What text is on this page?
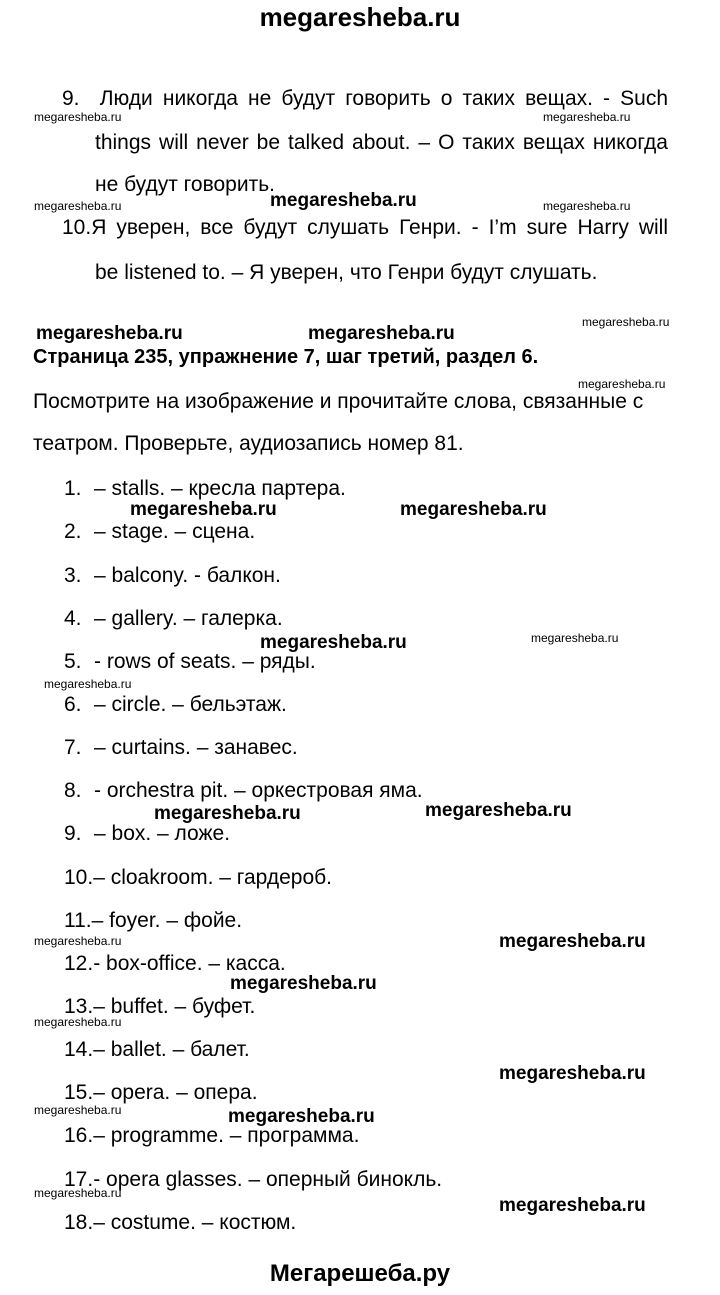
megaresheba.ru
9. Люди никогда не будут говорить о таких вещах. - Such
things will never be talked about. – О таких вещах никогда
не будут говорить.
10.Я уверен, все будут слушать Генри. - I’m sure Harry will
be listened to. – Я уверен, что Генри будут слушать.
Страница 235, упражнение 7, шаг третий, раздел 6.
Посмотрите на изображение и прочитайте слова, связанные с
театром. Проверьте, аудиозапись номер 81.
1. – stalls. – кресла партера.
2. – stage. – сцена.
3. – balcony. - балкон.
4. – gallery. – галерка.
5. - rows of seats. – ряды.
6. – circle. – бельэтаж.
7. – curtains. – занавес.
8. - orchestra pit. – оркестровая яма.
9. – box. – ложе.
10.– cloakroom. – гардероб.
11.– foyer. – фойе.
12.- box-office. – касса.
13.– buffet. – буфет.
14.– ballet. – балет.
15.– opera. – опера.
16.– programme. – программа.
17.- opera glasses. – оперный бинокль.
18.– costume. – костюм.
megaresheba.ru	megaresheba.ru
megaresheba.ru	megaresheba.ru	megaresheba.ru
megaresheba.ru
megaresheba.ru	megaresheba.ru
megaresheba.ru
megaresheba.ru	megaresheba.ru
megaresheba.ru	megaresheba.ru
megaresheba.ru
megaresheba.ru	megaresheba.ru
megaresheba.ru	megaresheba.ru
megaresheba.ru
megaresheba.ru
megaresheba.ru
megaresheba.ru	megaresheba.ru
megaresheba.ru
megaresheba.ru
Мегарешеба.ру
